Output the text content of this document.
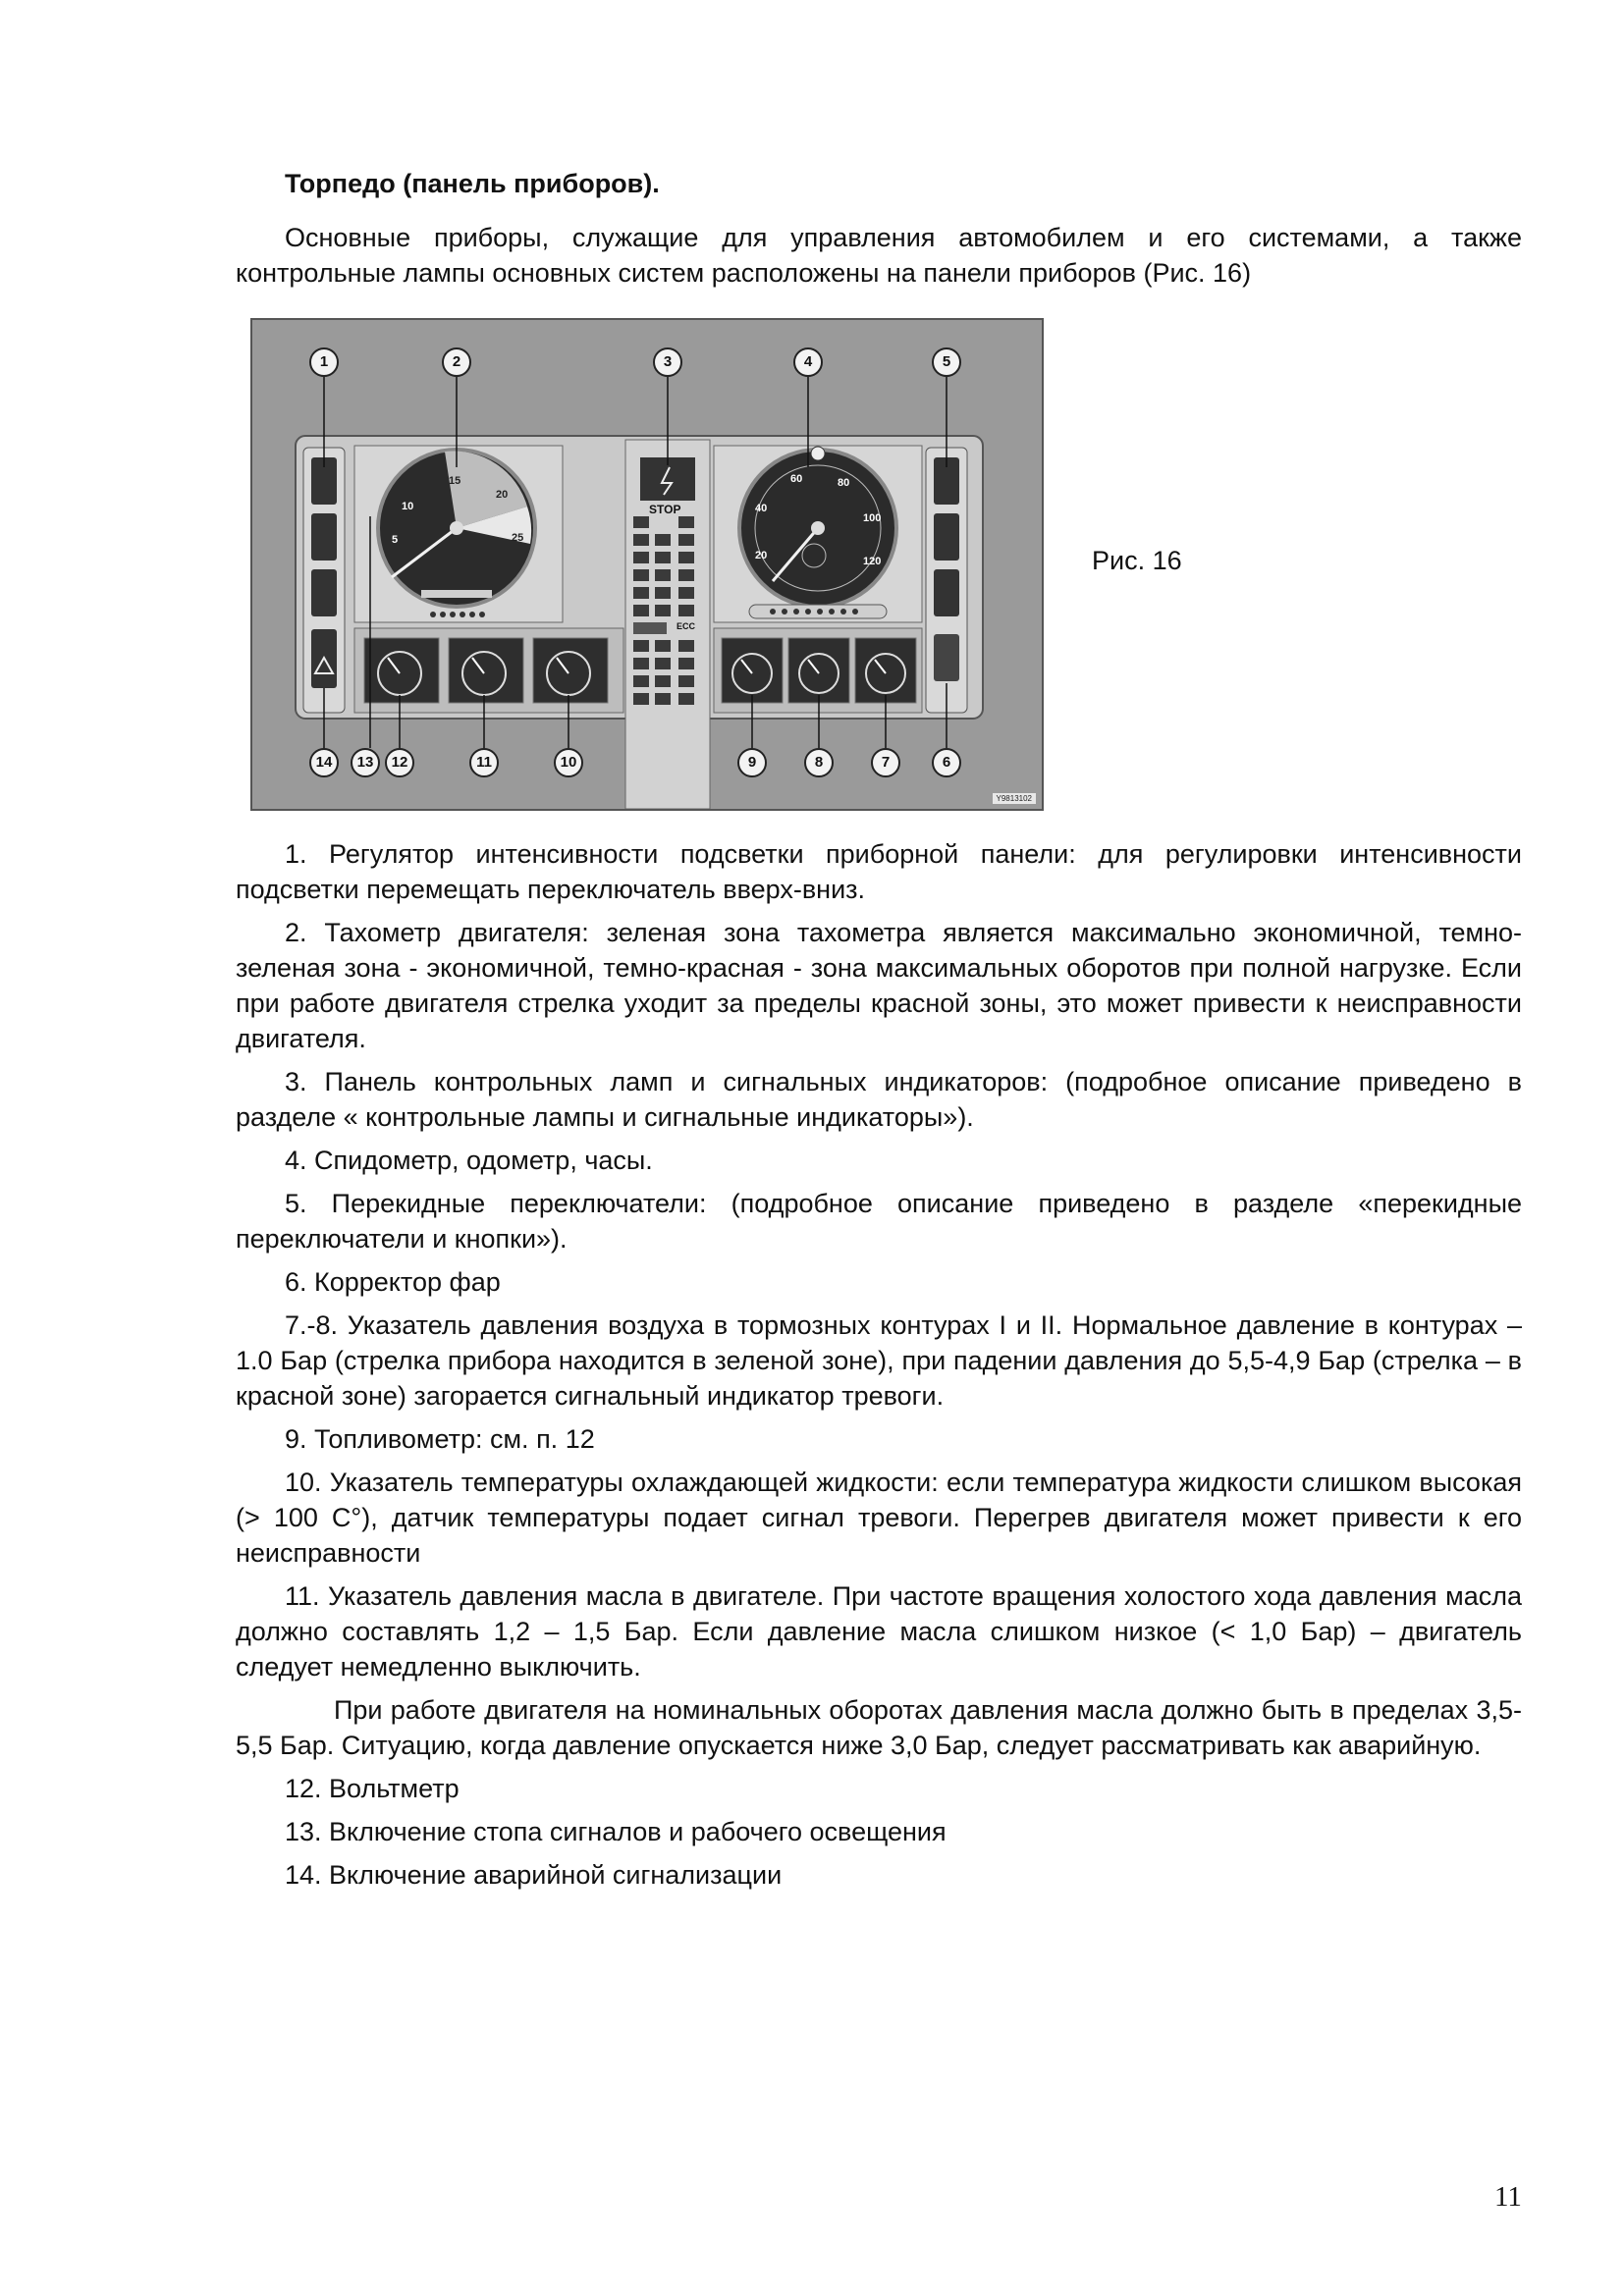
Торпедо (панель приборов).

Основные приборы, служащие для управления автомобилем и его системами, а также контрольные лампы основных систем расположены на панели приборов (Рис. 16)

5
10
15
20
25
20
40
60	80
100
120
STOP
ECC
1	2	3	4	5
6
7
8
9
10
11
12
13
14
Y9813102
Рис. 16

1. Регулятор интенсивности подсветки приборной панели: для регулировки интенсивности подсветки перемещать переключатель вверх-вниз.

2. Тахометр двигателя: зеленая зона тахометра является максимально экономичной, темно-зеленая зона - экономичной, темно-красная - зона максимальных оборотов при полной нагрузке. Если при работе двигателя стрелка уходит за пределы красной зоны, это может привести к неисправности двигателя.

3. Панель контрольных ламп и сигнальных индикаторов: (подробное описание приведено в разделе « контрольные лампы и сигнальные индикаторы»).

4. Спидометр, одометр, часы.

5. Перекидные переключатели: (подробное описание приведено в разделе «перекидные переключатели и кнопки»).

6. Корректор фар

7.-8. Указатель давления воздуха в тормозных контурах I и II. Нормальное давление в контурах – 1.0 Бар (стрелка прибора находится в зеленой зоне), при падении давления до 5,5-4,9 Бар (стрелка – в красной зоне) загорается сигнальный индикатор тревоги.

9. Топливометр: см. п. 12

10. Указатель температуры охлаждающей жидкости: если температура жидкости слишком высокая (> 100 C°), датчик температуры подает сигнал тревоги. Перегрев двигателя может привести к его неисправности

11. Указатель давления масла в двигателе. При частоте вращения холостого хода давления масла должно составлять 1,2 – 1,5 Бар. Если давление масла слишком низкое (< 1,0 Бар) – двигатель следует немедленно выключить.

При работе двигателя на номинальных оборотах давления масла должно быть в пределах 3,5-5,5 Бар. Ситуацию, когда давление опускается ниже 3,0 Бар, следует рассматривать как аварийную.

12. Вольтметр

13. Включение стопа сигналов и рабочего освещения

14. Включение аварийной сигнализации

11
